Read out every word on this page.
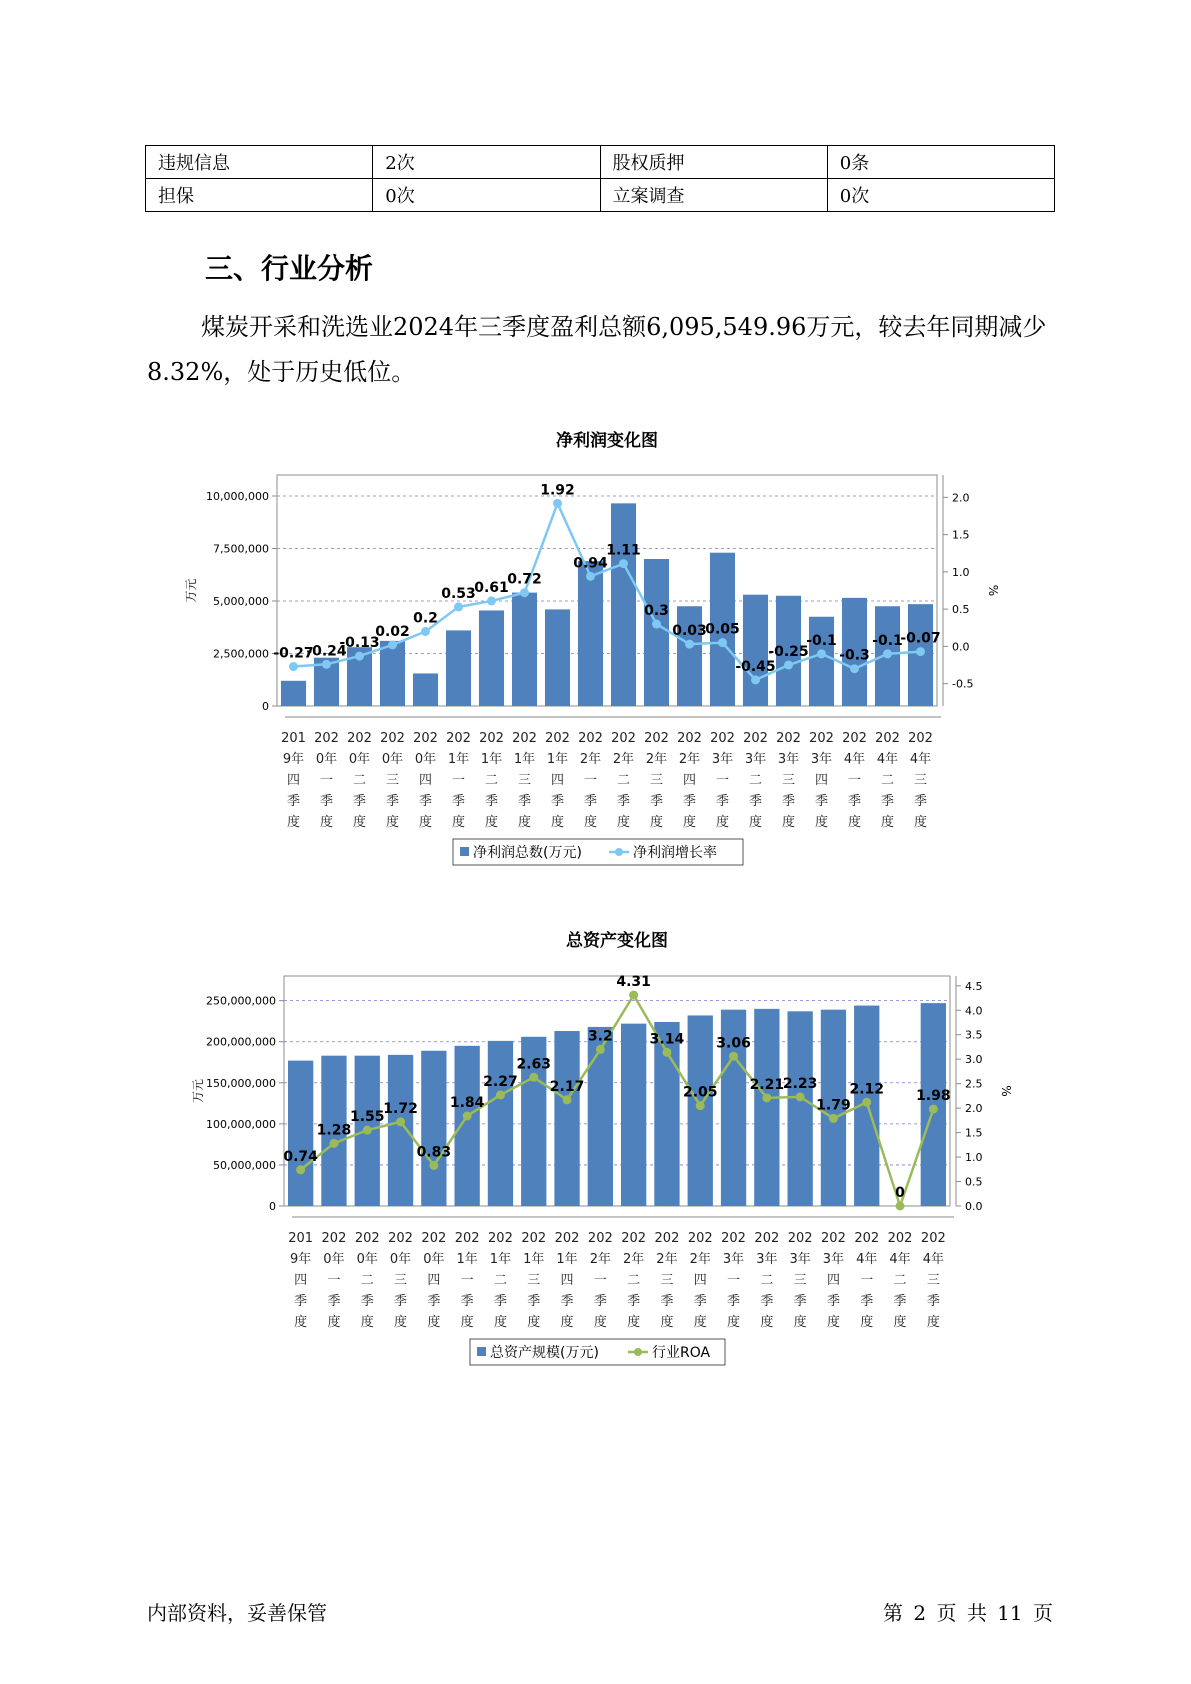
违规信息	2次	股权质押	0条
担保	0次	立案调查	0次
三、行业分析

煤炭开采和洗选业2024年三季度盈利总额6,095,549.96万元，较去年同期减少8.32%，处于历史低位。

净利润变化图
0
2,500,000
5,000,000
7,500,000
10,000,000
-0.5
0.0
0.5
1.0
1.5
2.0
万元	%
201
9年
四
季
度
202
0年
一
季
度
202
0年
二
季
度
202
0年
三
季
度
202
0年
四
季
度
202
1年
一
季
度
202
1年
二
季
度
202
1年
三
季
度
202
1年
四
季
度
202
2年
一
季
度
202
2年
二
季
度
202
2年
三
季
度
202
2年
四
季
度
202
3年
一
季
度
202
3年
二
季
度
202
3年
三
季
度
202
3年
四
季
度
202
4年
一
季
度
202
4年
二
季
度
202
4年
三
季
度
-0.27
-0.24
-0.13
0.02
0.2
0.53
0.61
0.72
1.92
0.94
1.11
0.3
0.03
0.05
-0.45
-0.25
-0.1
-0.3
-0.1
-0.07
净利润总数(万元)	净利润增长率
总资产变化图
0
50,000,000
100,000,000
150,000,000
200,000,000
250,000,000
0.0
0.5
1.0
1.5
2.0
2.5
3.0
3.5
4.0
4.5
万元	%
201
9年
四
季
度
202
0年
一
季
度
202
0年
二
季
度
202
0年
三
季
度
202
0年
四
季
度
202
1年
一
季
度
202
1年
二
季
度
202
1年
三
季
度
202
1年
四
季
度
202
2年
一
季
度
202
2年
二
季
度
202
2年
三
季
度
202
2年
四
季
度
202
3年
一
季
度
202
3年
二
季
度
202
3年
三
季
度
202
3年
四
季
度
202
4年
一
季
度
202
4年
二
季
度
202
4年
三
季
度
0.74
1.28
1.55
1.72
0.83
1.84
2.27
2.63
2.17
3.2
4.31
3.14
2.05
3.06
2.21
2.23
1.79
2.12
0
1.98
总资产规模(万元)	行业ROA
内部资料，妥善保管	第 2 页 共 11 页
